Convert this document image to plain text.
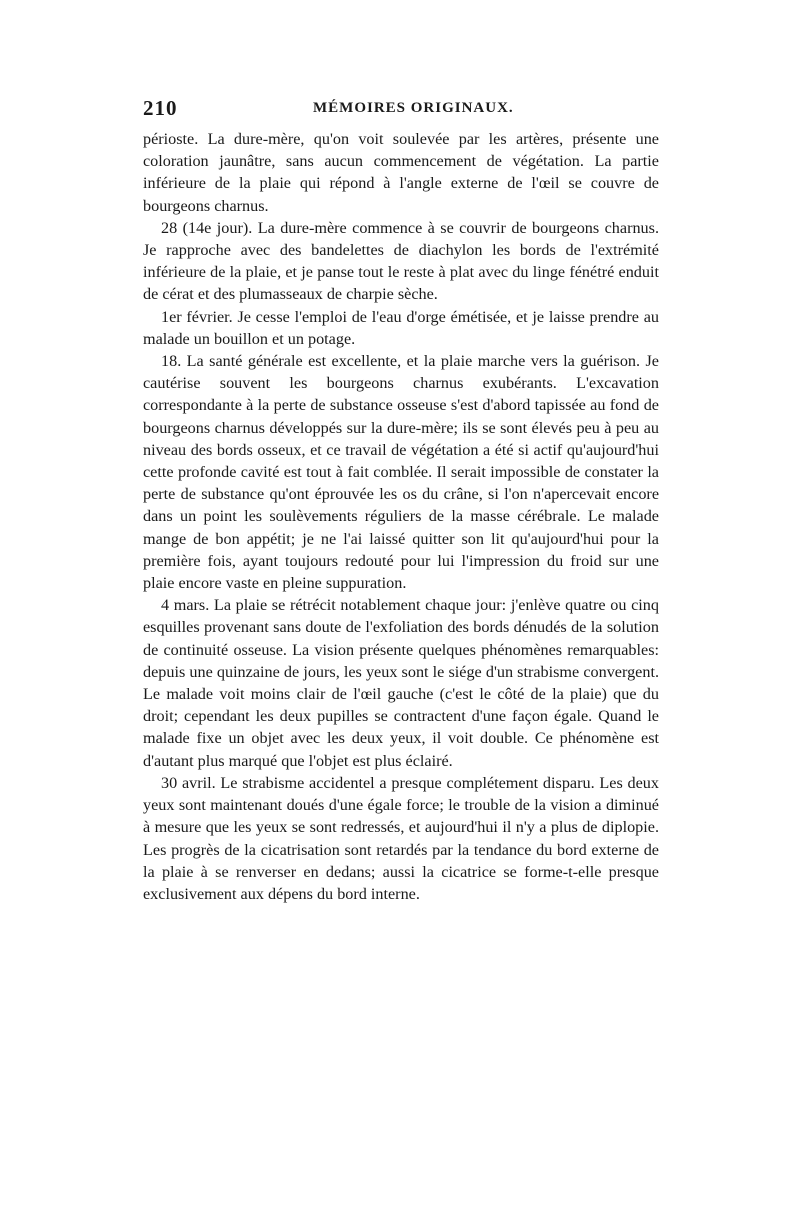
210	MÉMOIRES ORIGINAUX.

périoste. La dure-mère, qu'on voit soulevée par les artères, présente une coloration jaunâtre, sans aucun commencement de végétation. La partie inférieure de la plaie qui répond à l'angle externe de l'œil se couvre de bourgeons charnus.

28 (14e jour). La dure-mère commence à se couvrir de bourgeons charnus. Je rapproche avec des bandelettes de diachylon les bords de l'extrémité inférieure de la plaie, et je panse tout le reste à plat avec du linge fénétré enduit de cérat et des plumasseaux de charpie sèche.

1er février. Je cesse l'emploi de l'eau d'orge émétisée, et je laisse prendre au malade un bouillon et un potage.

18. La santé générale est excellente, et la plaie marche vers la guérison. Je cautérise souvent les bourgeons charnus exubérants. L'excavation correspondante à la perte de substance osseuse s'est d'abord tapissée au fond de bourgeons charnus développés sur la dure-mère; ils se sont élevés peu à peu au niveau des bords osseux, et ce travail de végétation a été si actif qu'aujourd'hui cette profonde cavité est tout à fait comblée. Il serait impossible de constater la perte de substance qu'ont éprouvée les os du crâne, si l'on n'apercevait encore dans un point les soulèvements réguliers de la masse cérébrale. Le malade mange de bon appétit; je ne l'ai laissé quitter son lit qu'aujourd'hui pour la première fois, ayant toujours redouté pour lui l'impression du froid sur une plaie encore vaste en pleine suppuration.

4 mars. La plaie se rétrécit notablement chaque jour: j'enlève quatre ou cinq esquilles provenant sans doute de l'exfoliation des bords dénudés de la solution de continuité osseuse. La vision présente quelques phénomènes remarquables: depuis une quinzaine de jours, les yeux sont le siége d'un strabisme convergent. Le malade voit moins clair de l'œil gauche (c'est le côté de la plaie) que du droit; cependant les deux pupilles se contractent d'une façon égale. Quand le malade fixe un objet avec les deux yeux, il voit double. Ce phénomène est d'autant plus marqué que l'objet est plus éclairé.

30 avril. Le strabisme accidentel a presque complétement disparu. Les deux yeux sont maintenant doués d'une égale force; le trouble de la vision a diminué à mesure que les yeux se sont redressés, et aujourd'hui il n'y a plus de diplopie. Les progrès de la cicatrisation sont retardés par la tendance du bord externe de la plaie à se renverser en dedans; aussi la cicatrice se forme-t-elle presque exclusivement aux dépens du bord interne.
